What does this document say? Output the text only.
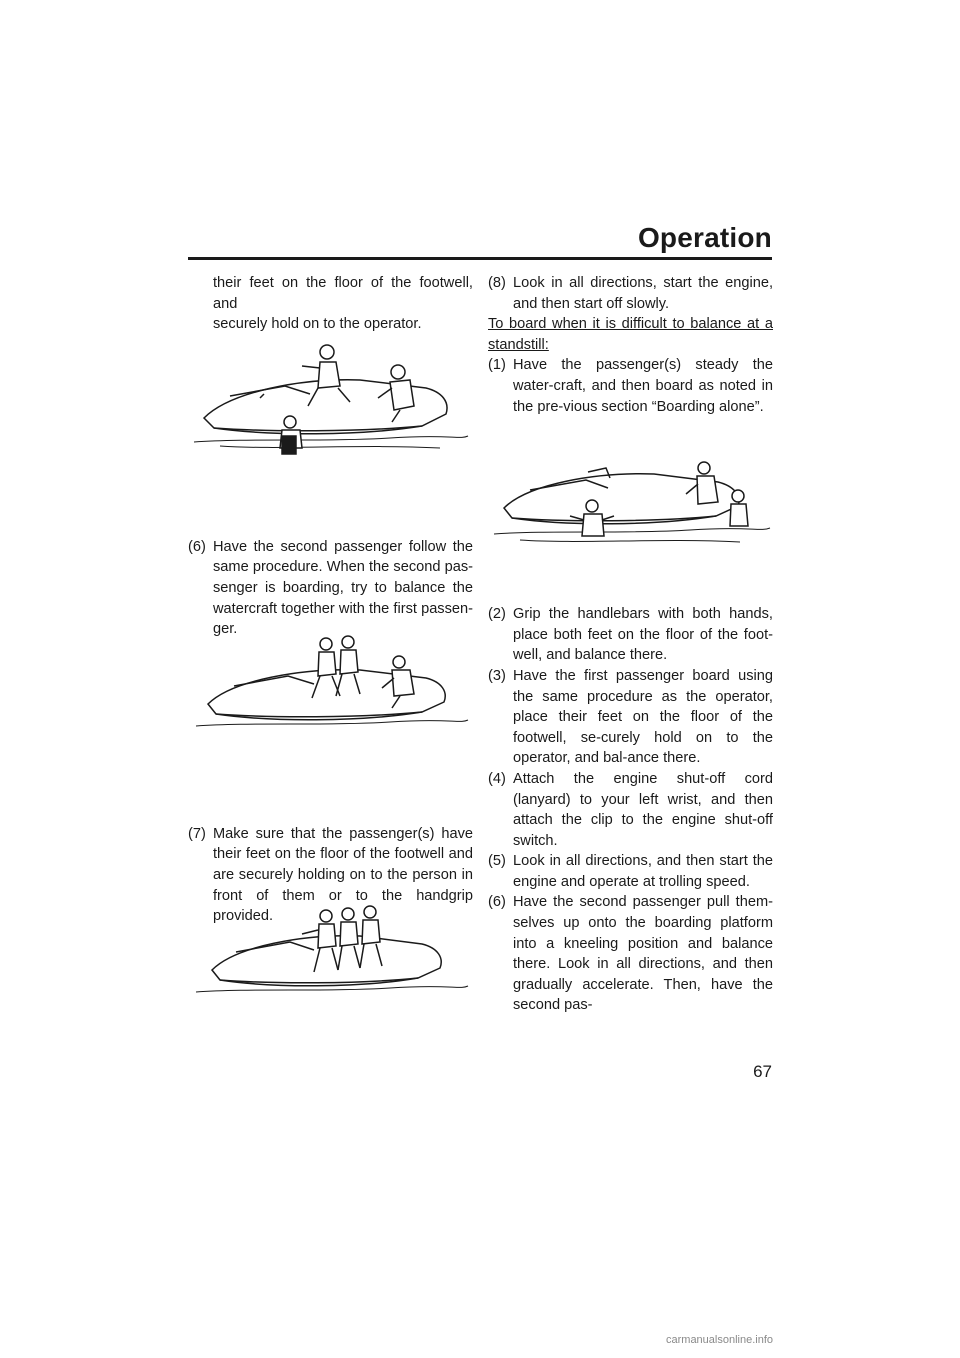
Operation

their feet on the floor of the footwell, and

securely hold on to the operator.

(6) Have the second passenger follow the same procedure. When the second pas-senger is boarding, try to balance the watercraft together with the first passen-ger.

(7) Make sure that the passenger(s) have their feet on the floor of the footwell and are securely holding on to the person in front of them or to the handgrip provided.

(8) Look in all directions, start the engine, and then start off slowly.

To board when it is difficult to balance at a standstill:

(1) Have the passenger(s) steady the water-craft, and then board as noted in the pre-vious section “Boarding alone”.

(2) Grip the handlebars with both hands, place both feet on the floor of the foot-well, and balance there.

(3) Have the first passenger board using the same procedure as the operator, place their feet on the floor of the footwell, se-curely hold on to the operator, and bal-ance there.

(4) Attach the engine shut-off cord (lanyard) to your left wrist, and then attach the clip to the engine shut-off switch.

(5) Look in all directions, and then start the engine and operate at trolling speed.

(6) Have the second passenger pull them-selves up onto the boarding platform into a kneeling position and balance there. Look in all directions, and then gradually accelerate. Then, have the second pas-

67
carmanualsonline.info
